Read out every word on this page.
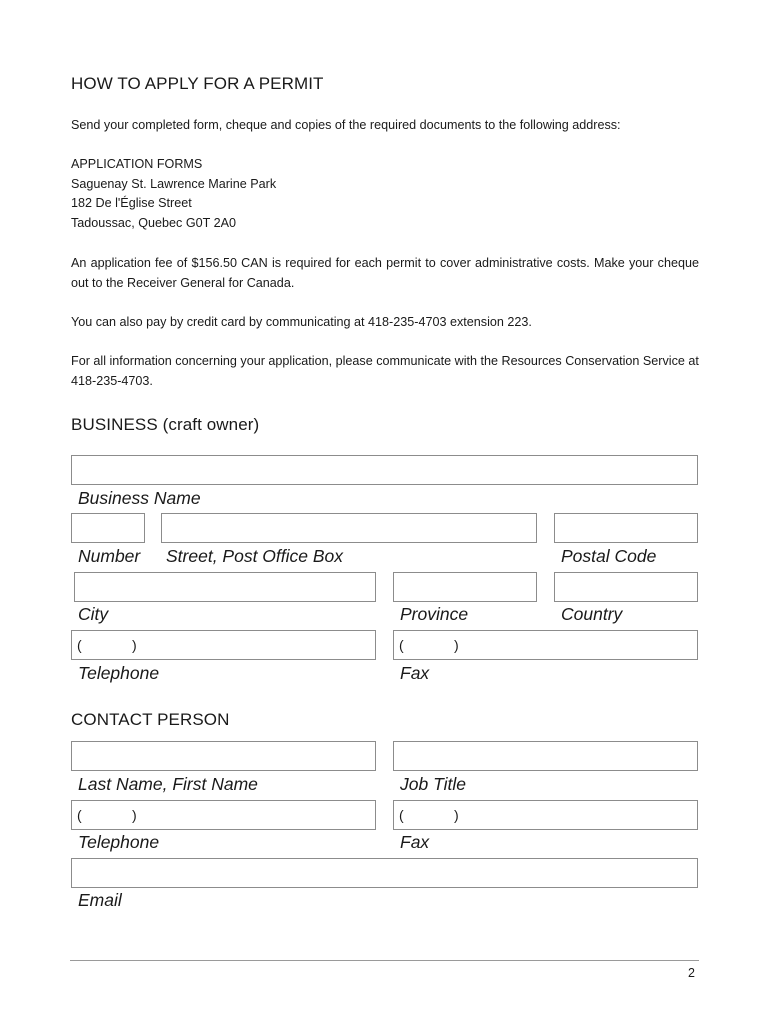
HOW TO APPLY FOR A PERMIT
Send your completed form, cheque and copies of the required documents to the following address:
APPLICATION FORMS
Saguenay St. Lawrence Marine Park
182 De l'Église Street
Tadoussac, Quebec G0T 2A0
An application fee of $156.50 CAN is required for each permit to cover administrative costs. Make your cheque out to the Receiver General for Canada.
You can also pay by credit card by communicating at 418-235-4703 extension 223.
For all information concerning your application, please communicate with the Resources Conservation Service at 418-235-4703.
BUSINESS (craft owner)
Business Name
Number Street, Post Office Box	Postal Code
City	Province	Country
(	)	(	)
Telephone	Fax
CONTACT PERSON
Last Name, First Name	Job Title
(	)	(	)
Telephone	Fax
Email
2
